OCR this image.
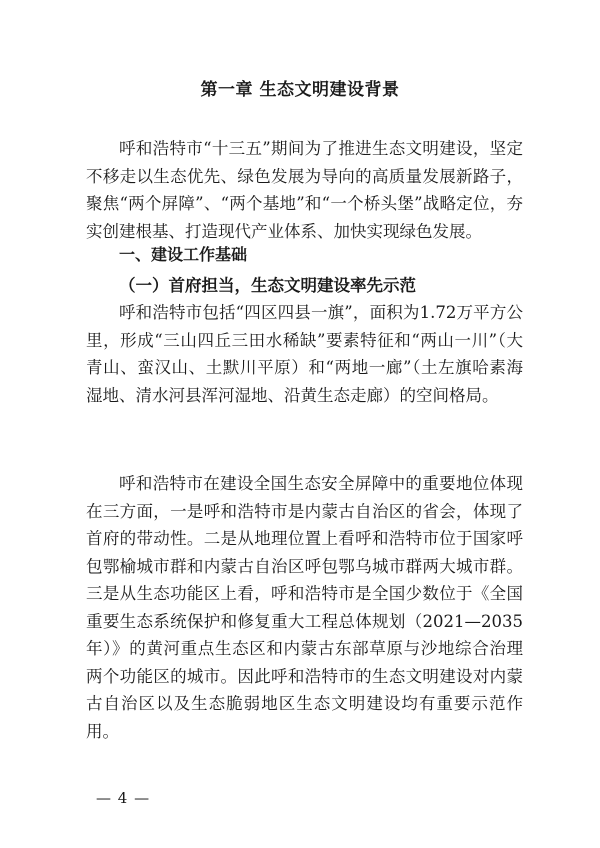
第一章 生态文明建设背景

呼和浩特市“十三五”期间为了推进生态文明建设，坚定不移走以生态优先、绿色发展为导向的高质量发展新路子，聚焦“两个屏障”、“两个基地”和“一个桥头堡”战略定位，夯实创建根基、打造现代产业体系、加快实现绿色发展。

一、建设工作基础
（一）首府担当，生态文明建设率先示范

呼和浩特市包括“四区四县一旗”，面积为1.72万平方公里，形成“三山四丘三田水稀缺”要素特征和“两山一川”（大青山、蛮汉山、土默川平原）和“两地一廊”（土左旗哈素海湿地、清水河县浑河湿地、沿黄生态走廊）的空间格局。

呼和浩特市在建设全国生态安全屏障中的重要地位体现在三方面，一是呼和浩特市是内蒙古自治区的省会，体现了首府的带动性。二是从地理位置上看呼和浩特市位于国家呼包鄂榆城市群和内蒙古自治区呼包鄂乌城市群两大城市群。三是从生态功能区上看，呼和浩特市是全国少数位于《全国重要生态系统保护和修复重大工程总体规划（2021—2035年）》的黄河重点生态区和内蒙古东部草原与沙地综合治理两个功能区的城市。因此呼和浩特市的生态文明建设对内蒙古自治区以及生态脆弱地区生态文明建设均有重要示范作用。

— 4 —
